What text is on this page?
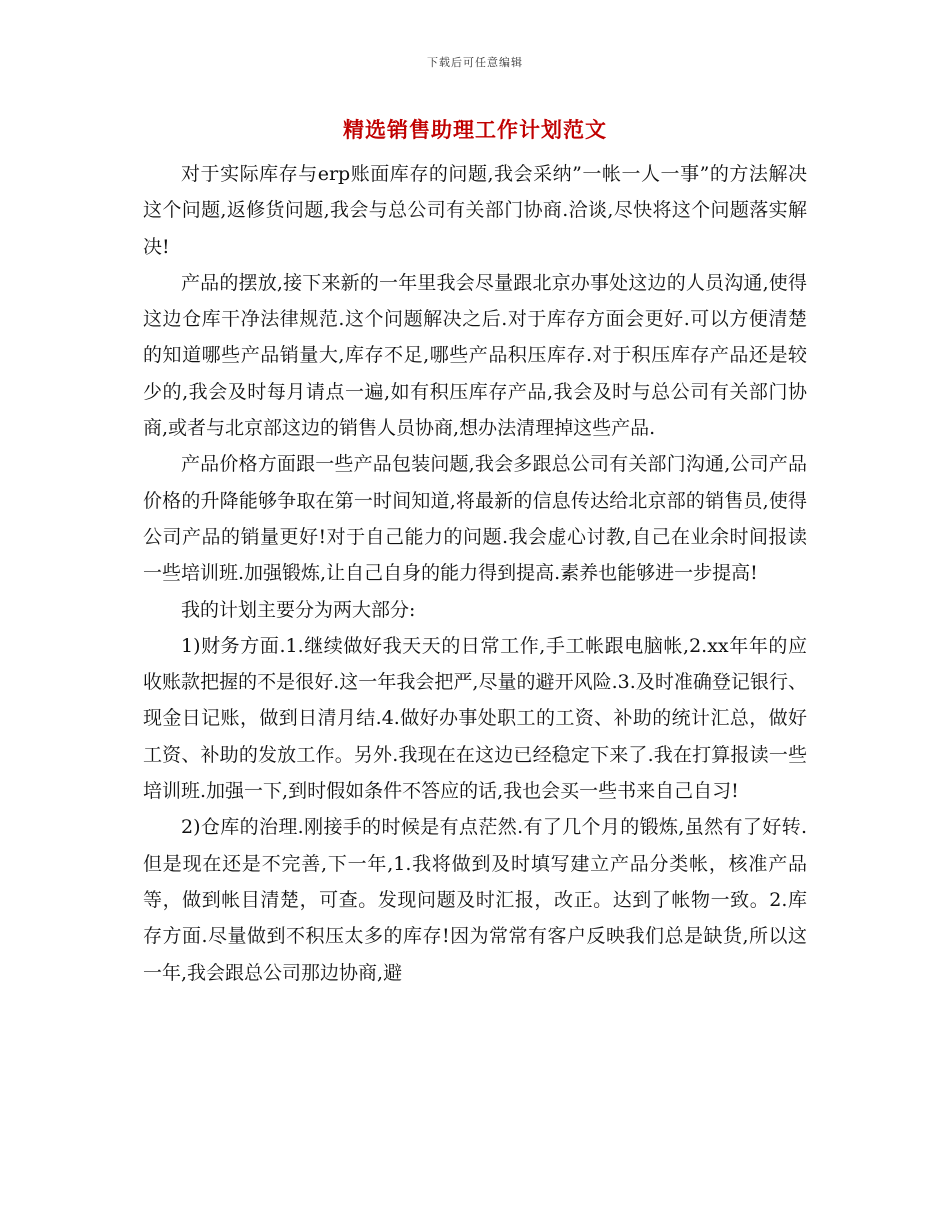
下载后可任意编辑
精选销售助理工作计划范文

对于实际库存与erp账面库存的问题,我会采纳”一帐一人一事”的方法解决这个问题,返修货问题,我会与总公司有关部门协商.洽谈,尽快将这个问题落实解决!

产品的摆放,接下来新的一年里我会尽量跟北京办事处这边的人员沟通,使得这边仓库干净法律规范.这个问题解决之后.对于库存方面会更好.可以方便清楚的知道哪些产品销量大,库存不足,哪些产品积压库存.对于积压库存产品还是较少的,我会及时每月请点一遍,如有积压库存产品,我会及时与总公司有关部门协商,或者与北京部这边的销售人员协商,想办法清理掉这些产品.

产品价格方面跟一些产品包装问题,我会多跟总公司有关部门沟通,公司产品价格的升降能够争取在第一时间知道,将最新的信息传达给北京部的销售员,使得公司产品的销量更好!对于自己能力的问题.我会虚心讨教,自己在业余时间报读一些培训班.加强锻炼,让自己自身的能力得到提高.素养也能够进一步提高!

我的计划主要分为两大部分:

1)财务方面.1.继续做好我天天的日常工作,手工帐跟电脑帐,2.xx年年的应收账款把握的不是很好.这一年我会把严,尽量的避开风险.3.及时准确登记银行、现金日记账，做到日清月结.4.做好办事处职工的工资、补助的统计汇总，做好工资、补助的发放工作。另外.我现在在这边已经稳定下来了.我在打算报读一些培训班.加强一下,到时假如条件不答应的话,我也会买一些书来自己自习!

2)仓库的治理.刚接手的时候是有点茫然.有了几个月的锻炼,虽然有了好转.但是现在还是不完善,下一年,1.我将做到及时填写建立产品分类帐，核准产品等，做到帐目清楚，可查。发现问题及时汇报，改正。达到了帐物一致。2.库存方面.尽量做到不积压太多的库存!因为常常有客户反映我们总是缺货,所以这一年,我会跟总公司那边协商,避
